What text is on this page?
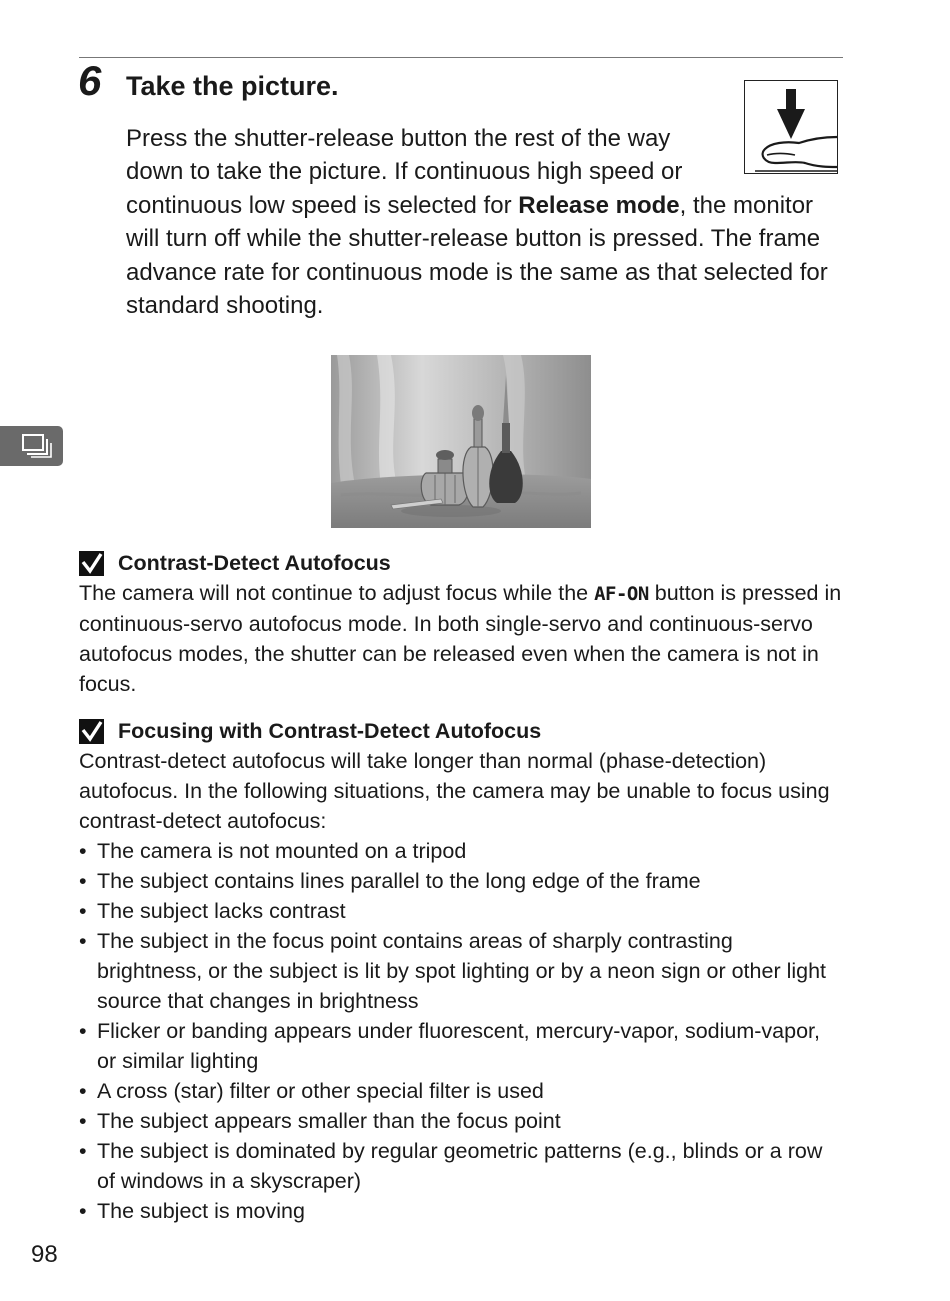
6 Take the picture.

Press the shutter-release button the rest of the way down to take the picture. If continuous high speed or continuous low speed is selected for Release mode, the monitor will turn off while the shutter-release button is pressed. The frame advance rate for continuous mode is the same as that selected for standard shooting.

Contrast-Detect Autofocus

The camera will not continue to adjust focus while the AF-ON button is pressed in continuous-servo autofocus mode. In both single-servo and continuous-servo autofocus modes, the shutter can be released even when the camera is not in focus.

Focusing with Contrast-Detect Autofocus

Contrast-detect autofocus will take longer than normal (phase-detection) autofocus. In the following situations, the camera may be unable to focus using contrast-detect autofocus:

• The camera is not mounted on a tripod
• The subject contains lines parallel to the long edge of the frame
• The subject lacks contrast
• The subject in the focus point contains areas of sharply contrasting brightness, or the subject is lit by spot lighting or by a neon sign or other light source that changes in brightness
• Flicker or banding appears under fluorescent, mercury-vapor, sodium-vapor, or similar lighting
• A cross (star) filter or other special filter is used
• The subject appears smaller than the focus point
• The subject is dominated by regular geometric patterns (e.g., blinds or a row of windows in a skyscraper)
• The subject is moving
98
